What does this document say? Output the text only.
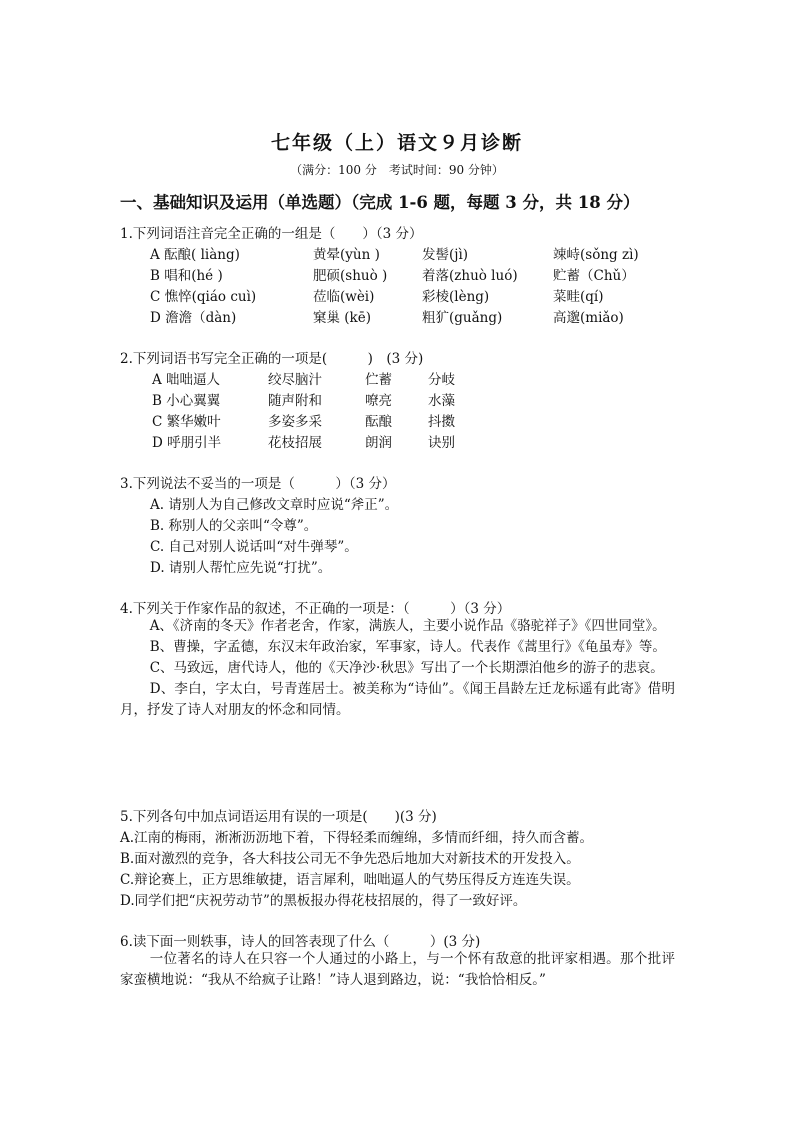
七年级（上）语文９月诊断
（满分：100 分　考试时间：90 分钟）
一、基础知识及运用（单选题）（完成 1-6 题，每题 3 分，共 18 分）
1.下列词语注音完全正确的一组是（　　）（3 分）
A 酝酿( liàng)	黄晕(yùn )	发髻(jì)	竦峙(sǒng zì)
B 唱和(hé )	肥硕(shuò )	着落(zhuò luó)	贮蓄（Chǔ）
C 憔悴(qiáo cuì)	莅临(wèi)	彩棱(lèng)	菜畦(qí)
D 澹澹（dàn)	窠巢 (kē)	粗犷(guǎng)	高邈(miǎo)
2.下列词语书写完全正确的一项是(　　　)　(3 分)
A 咄咄逼人	绞尽脑汁	伫蓄	分岐
B 小心翼翼	随声附和	嘹亮	水藻
C 繁华嫩叶	多姿多采	酝酿	抖擞
D 呼朋引半	花枝招展	朗润	诀别
3.下列说法不妥当的一项是（　　　）（3 分）
A. 请别人为自己修改文章时应说“斧正”。
B. 称别人的父亲叫“令尊”。
C. 自己对别人说话叫“对牛弹琴”。
D. 请别人帮忙应先说“打扰”。
4.下列关于作家作品的叙述，不正确的一项是：（　　　）（3 分）

A、《济南的冬天》作者老舍，作家，满族人，主要小说作品《骆驼祥子》《四世同堂》。

B、曹操，字孟德，东汉末年政治家，军事家，诗人。代表作《蒿里行》《龟虽寿》等。

C、马致远，唐代诗人，他的《天净沙·秋思》写出了一个长期漂泊他乡的游子的悲哀。

D、李白，字太白，号青莲居士。被美称为“诗仙”。《闻王昌龄左迁龙标遥有此寄》借明月，抒发了诗人对朋友的怀念和同情。

5.下列各句中加点词语运用有误的一项是(　　)(3 分)
A.江南的梅雨，淅淅沥沥地下着，下得轻柔而缠绵，多情而纤细，持久而含蓄。
B.面对激烈的竞争，各大科技公司无不争先恐后地加大对新技术的开发投入。
C.辩论赛上，正方思维敏捷，语言犀利，咄咄逼人的气势压得反方连连失误。
D.同学们把“庆祝劳动节”的黑板报办得花枝招展的，得了一致好评。
6.读下面一则轶事，诗人的回答表现了什么（　　　）(3 分)

一位著名的诗人在只容一个人通过的小路上，与一个怀有敌意的批评家相遇。那个批评家蛮横地说：“我从不给疯子让路！”诗人退到路边，说：“我恰恰相反。”
